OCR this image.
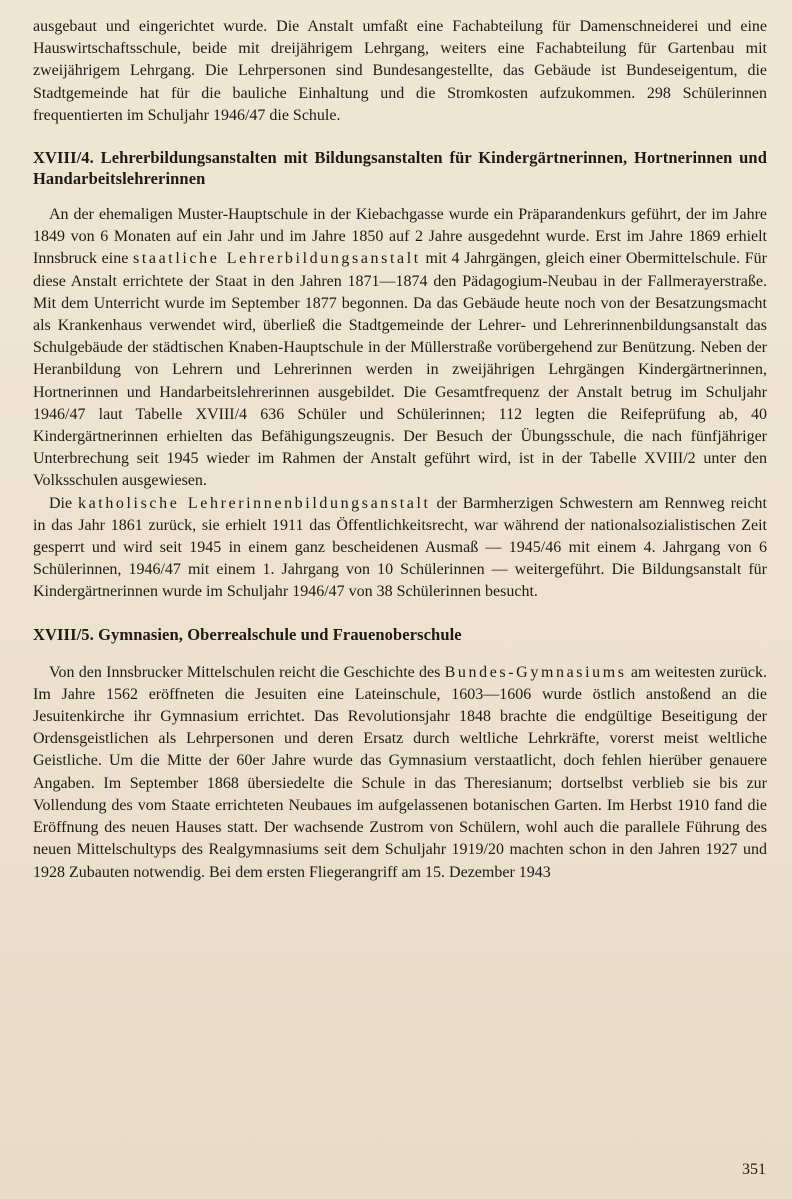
ausgebaut und eingerichtet wurde. Die Anstalt umfaßt eine Fachabteilung für Damenschneiderei und eine Hauswirtschaftsschule, beide mit dreijährigem Lehrgang, weiters eine Fachabteilung für Gartenbau mit zweijährigem Lehrgang. Die Lehrpersonen sind Bundesangestellte, das Gebäude ist Bundeseigentum, die Stadtgemeinde hat für die bauliche Einhaltung und die Stromkosten aufzukommen. 298 Schülerinnen frequentierten im Schuljahr 1946/47 die Schule.

XVIII/4. Lehrerbildungsanstalten mit Bildungsanstalten für Kindergärtnerinnen, Hortnerinnen und Handarbeitslehrerinnen

An der ehemaligen Muster-Hauptschule in der Kiebachgasse wurde ein Präparandenkurs geführt, der im Jahre 1849 von 6 Monaten auf ein Jahr und im Jahre 1850 auf 2 Jahre ausgedehnt wurde. Erst im Jahre 1869 erhielt Innsbruck eine staatliche Lehrerbildungsanstalt mit 4 Jahrgängen, gleich einer Obermittelschule. Für diese Anstalt errichtete der Staat in den Jahren 1871—1874 den Pädagogium-Neubau in der Fallmerayerstraße. Mit dem Unterricht wurde im September 1877 begonnen. Da das Gebäude heute noch von der Besatzungsmacht als Krankenhaus verwendet wird, überließ die Stadtgemeinde der Lehrer- und Lehrerinnenbildungsanstalt das Schulgebäude der städtischen Knaben-Hauptschule in der Müllerstraße vorübergehend zur Benützung. Neben der Heranbildung von Lehrern und Lehrerinnen werden in zweijährigen Lehrgängen Kindergärtnerinnen, Hortnerinnen und Handarbeitslehrerinnen ausgebildet. Die Gesamtfrequenz der Anstalt betrug im Schuljahr 1946/47 laut Tabelle XVIII/4 636 Schüler und Schülerinnen; 112 legten die Reifeprüfung ab, 40 Kindergärtnerinnen erhielten das Befähigungszeugnis. Der Besuch der Übungsschule, die nach fünfjähriger Unterbrechung seit 1945 wieder im Rahmen der Anstalt geführt wird, ist in der Tabelle XVIII/2 unter den Volksschulen ausgewiesen.

Die katholische Lehrerinnenbildungsanstalt der Barmherzigen Schwestern am Rennweg reicht in das Jahr 1861 zurück, sie erhielt 1911 das Öffentlichkeitsrecht, war während der nationalsozialistischen Zeit gesperrt und wird seit 1945 in einem ganz bescheidenen Ausmaß — 1945/46 mit einem 4. Jahrgang von 6 Schülerinnen, 1946/47 mit einem 1. Jahrgang von 10 Schülerinnen — weitergeführt. Die Bildungsanstalt für Kindergärtnerinnen wurde im Schuljahr 1946/47 von 38 Schülerinnen besucht.

XVIII/5. Gymnasien, Oberrealschule und Frauenoberschule

Von den Innsbrucker Mittelschulen reicht die Geschichte des Bundes-Gymnasiums am weitesten zurück. Im Jahre 1562 eröffneten die Jesuiten eine Lateinschule, 1603—1606 wurde östlich anstoßend an die Jesuitenkirche ihr Gymnasium errichtet. Das Revolutionsjahr 1848 brachte die endgültige Beseitigung der Ordensgeistlichen als Lehrpersonen und deren Ersatz durch weltliche Lehrkräfte, vorerst meist weltliche Geistliche. Um die Mitte der 60er Jahre wurde das Gymnasium verstaatlicht, doch fehlen hierüber genauere Angaben. Im September 1868 übersiedelte die Schule in das Theresianum; dortselbst verblieb sie bis zur Vollendung des vom Staate errichteten Neubaues im aufgelassenen botanischen Garten. Im Herbst 1910 fand die Eröffnung des neuen Hauses statt. Der wachsende Zustrom von Schülern, wohl auch die parallele Führung des neuen Mittelschultyps des Realgymnasiums seit dem Schuljahr 1919/20 machten schon in den Jahren 1927 und 1928 Zubauten notwendig. Bei dem ersten Fliegerangriff am 15. Dezember 1943

351
